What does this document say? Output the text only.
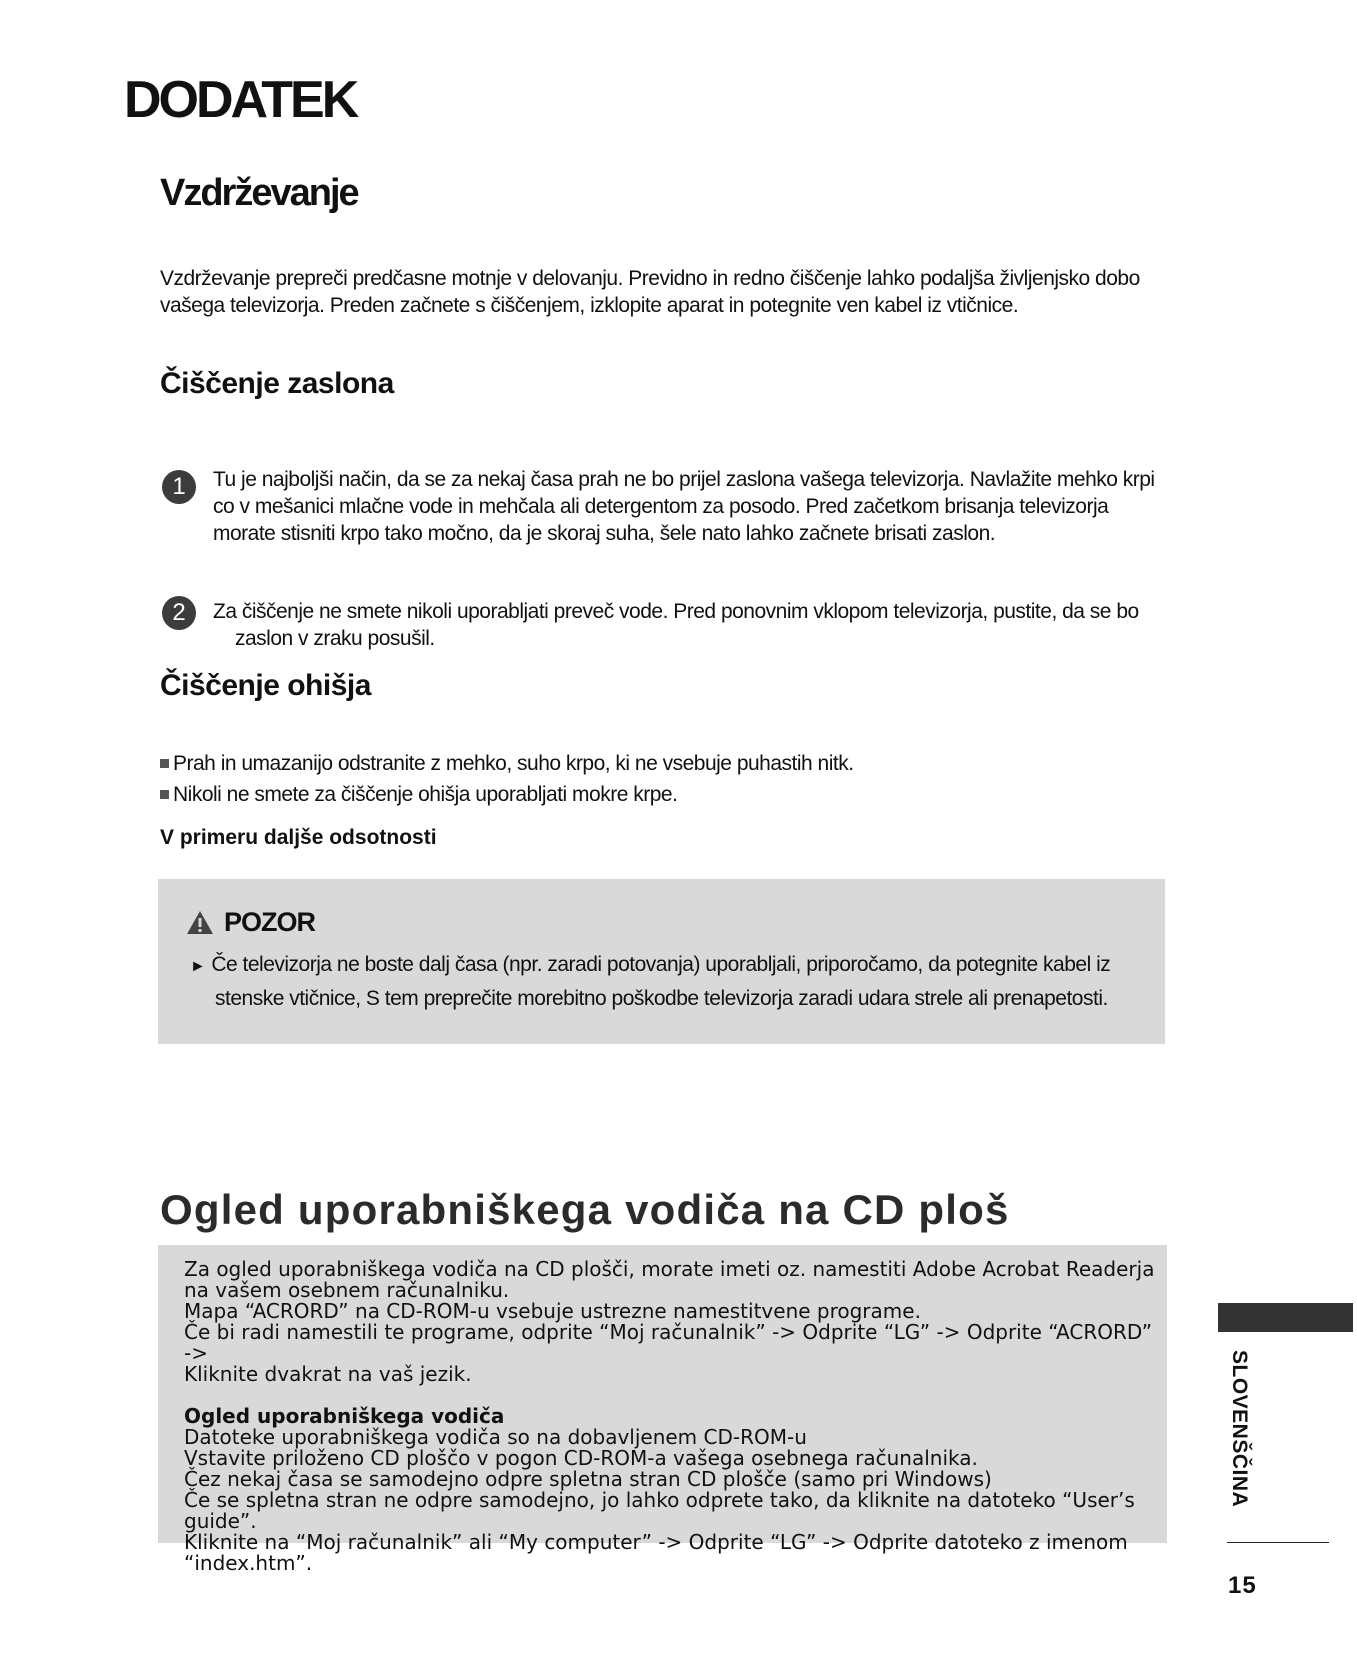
DODATEK
Vzdrževanje
Vzdrževanje prepreči predčasne motnje v delovanju. Previdno in redno čiščenje lahko podaljša življenjsko dobo
vašega televizorja. Preden začnete s čiščenjem, izklopite aparat in potegnite ven kabel iz vtičnice.
Čiščenje zaslona
1	Tu je najboljši način, da se za nekaj časa prah ne bo prijel zaslona vašega televizorja. Navlažite mehko krpi
co v mešanici mlačne vode in mehčala ali detergentom za posodo. Pred začetkom brisanja televizorja
morate stisniti krpo tako močno, da je skoraj suha, šele nato lahko začnete brisati zaslon.
2	Za čiščenje ne smete nikoli uporabljati preveč vode. Pred ponovnim vklopom televizorja, pustite, da se bo
zaslon v zraku posušil.
Čiščenje ohišja
Prah in umazanijo odstranite z mehko, suho krpo, ki ne vsebuje puhastih nitk.
Nikoli ne smete za čiščenje ohišja uporabljati mokre krpe.
V primeru daljše odsotnosti
POZOR
► Če televizorja ne boste dalj časa (npr. zaradi potovanja) uporabljali, priporočamo, da potegnite kabel iz
stenske vtičnice, S tem preprečite morebitno poškodbe televizorja zaradi udara strele ali prenapetosti.
Ogled uporabniškega vodiča na CD ploš

Za ogled uporabniškega vodiča na CD plošči, morate imeti oz. namestiti Adobe Acrobat Readerja

na vašem osebnem računalniku.

Mapa “ACRORD” na CD-ROM-u vsebuje ustrezne namestitvene programe.

Če bi radi namestili te programe, odprite “Moj računalnik” -> Odprite “LG” -> Odprite “ACRORD” ->

Kliknite dvakrat na vaš jezik.

Ogled uporabniškega vodiča

Datoteke uporabniškega vodiča so na dobavljenem CD-ROM-u

Vstavite priloženo CD ploščo v pogon CD-ROM-a vašega osebnega računalnika.

Čez nekaj časa se samodejno odpre spletna stran CD plošče (samo pri Windows)

Če se spletna stran ne odpre samodejno, jo lahko odprete tako, da kliknite na datoteko “User’s guide”.

Kliknite na “Moj računalnik” ali “My computer” -> Odprite “LG” -> Odprite datoteko z imenom

“index.htm”.

SLOVENŠČINA
15
